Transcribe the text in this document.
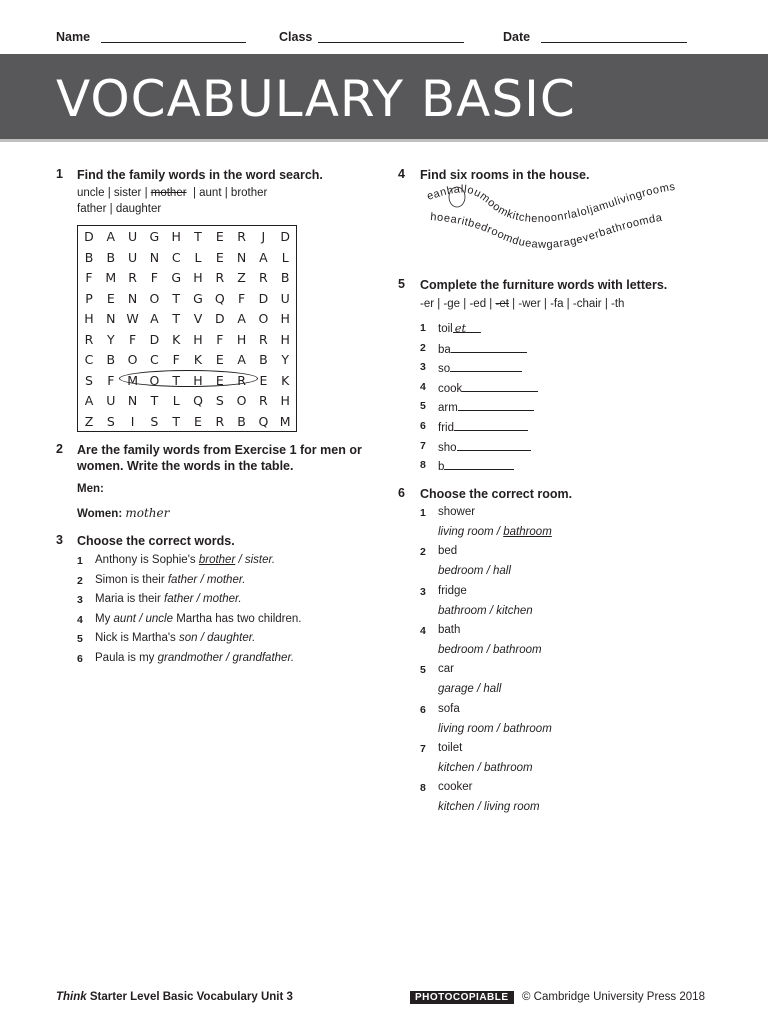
Name	Class	Date
VOCABULARY BASIC
1 Find the family words in the word search.
uncle | sister | mother  | aunt | brother
father | daughter
D	A	U G H	T	E	R	J	D
B	B	U	N	C	L	E	N	A	L
F	M R	F	G H	R	Z	R	B
P	E	N O	T	G Q	F	D U
H N W A	T	V	D	A	O H
R	Y	F	D	K	H	F	H	R	H
C	B	O	C	F	K	E	A	B	Y
S	F	M O	T	H	E	R	E	K
A	U	N	T	L	Q	S	O	R	H
Z	S	I	S	T	E	R	B	Q M
2 Are the family words from Exercise 1 for men or
women. Write the words in the table.
Men:
Women: mother
3 Choose the correct words.
1 Anthony is Sophie's brother / sister.
2 Simon is their father / mother.
3 Maria is their father / mother.
4 My aunt / uncle Martha has two children.
5 Nick is Martha's son / daughter.
6 Paula is my grandmother / grandfather.
4 Find six rooms in the house.
eanhalloumoomkitchenoonrlaloljamulivingrooms
hoearitbedroomdueawgarageverbathroomda
5 Complete the furniture words with letters.
-er | -ge | -ed | -et | -wer | -fa | -chair | -th
1 toil et
2 ba
3 so
4 cook
5 arm
6 frid
7 sho
8 b
6 Choose the correct room.
1 shower
living room / bathroom
2 bed
bedroom / hall
3 fridge
bathroom / kitchen
4 bath
bedroom / bathroom
5 car
garage / hall
6 sofa
living room / bathroom
7 toilet
kitchen / bathroom
8 cooker
kitchen / living room
Think Starter Level Basic Vocabulary Unit 3	PHOTOCOPIABLE	© Cambridge University Press 2018
